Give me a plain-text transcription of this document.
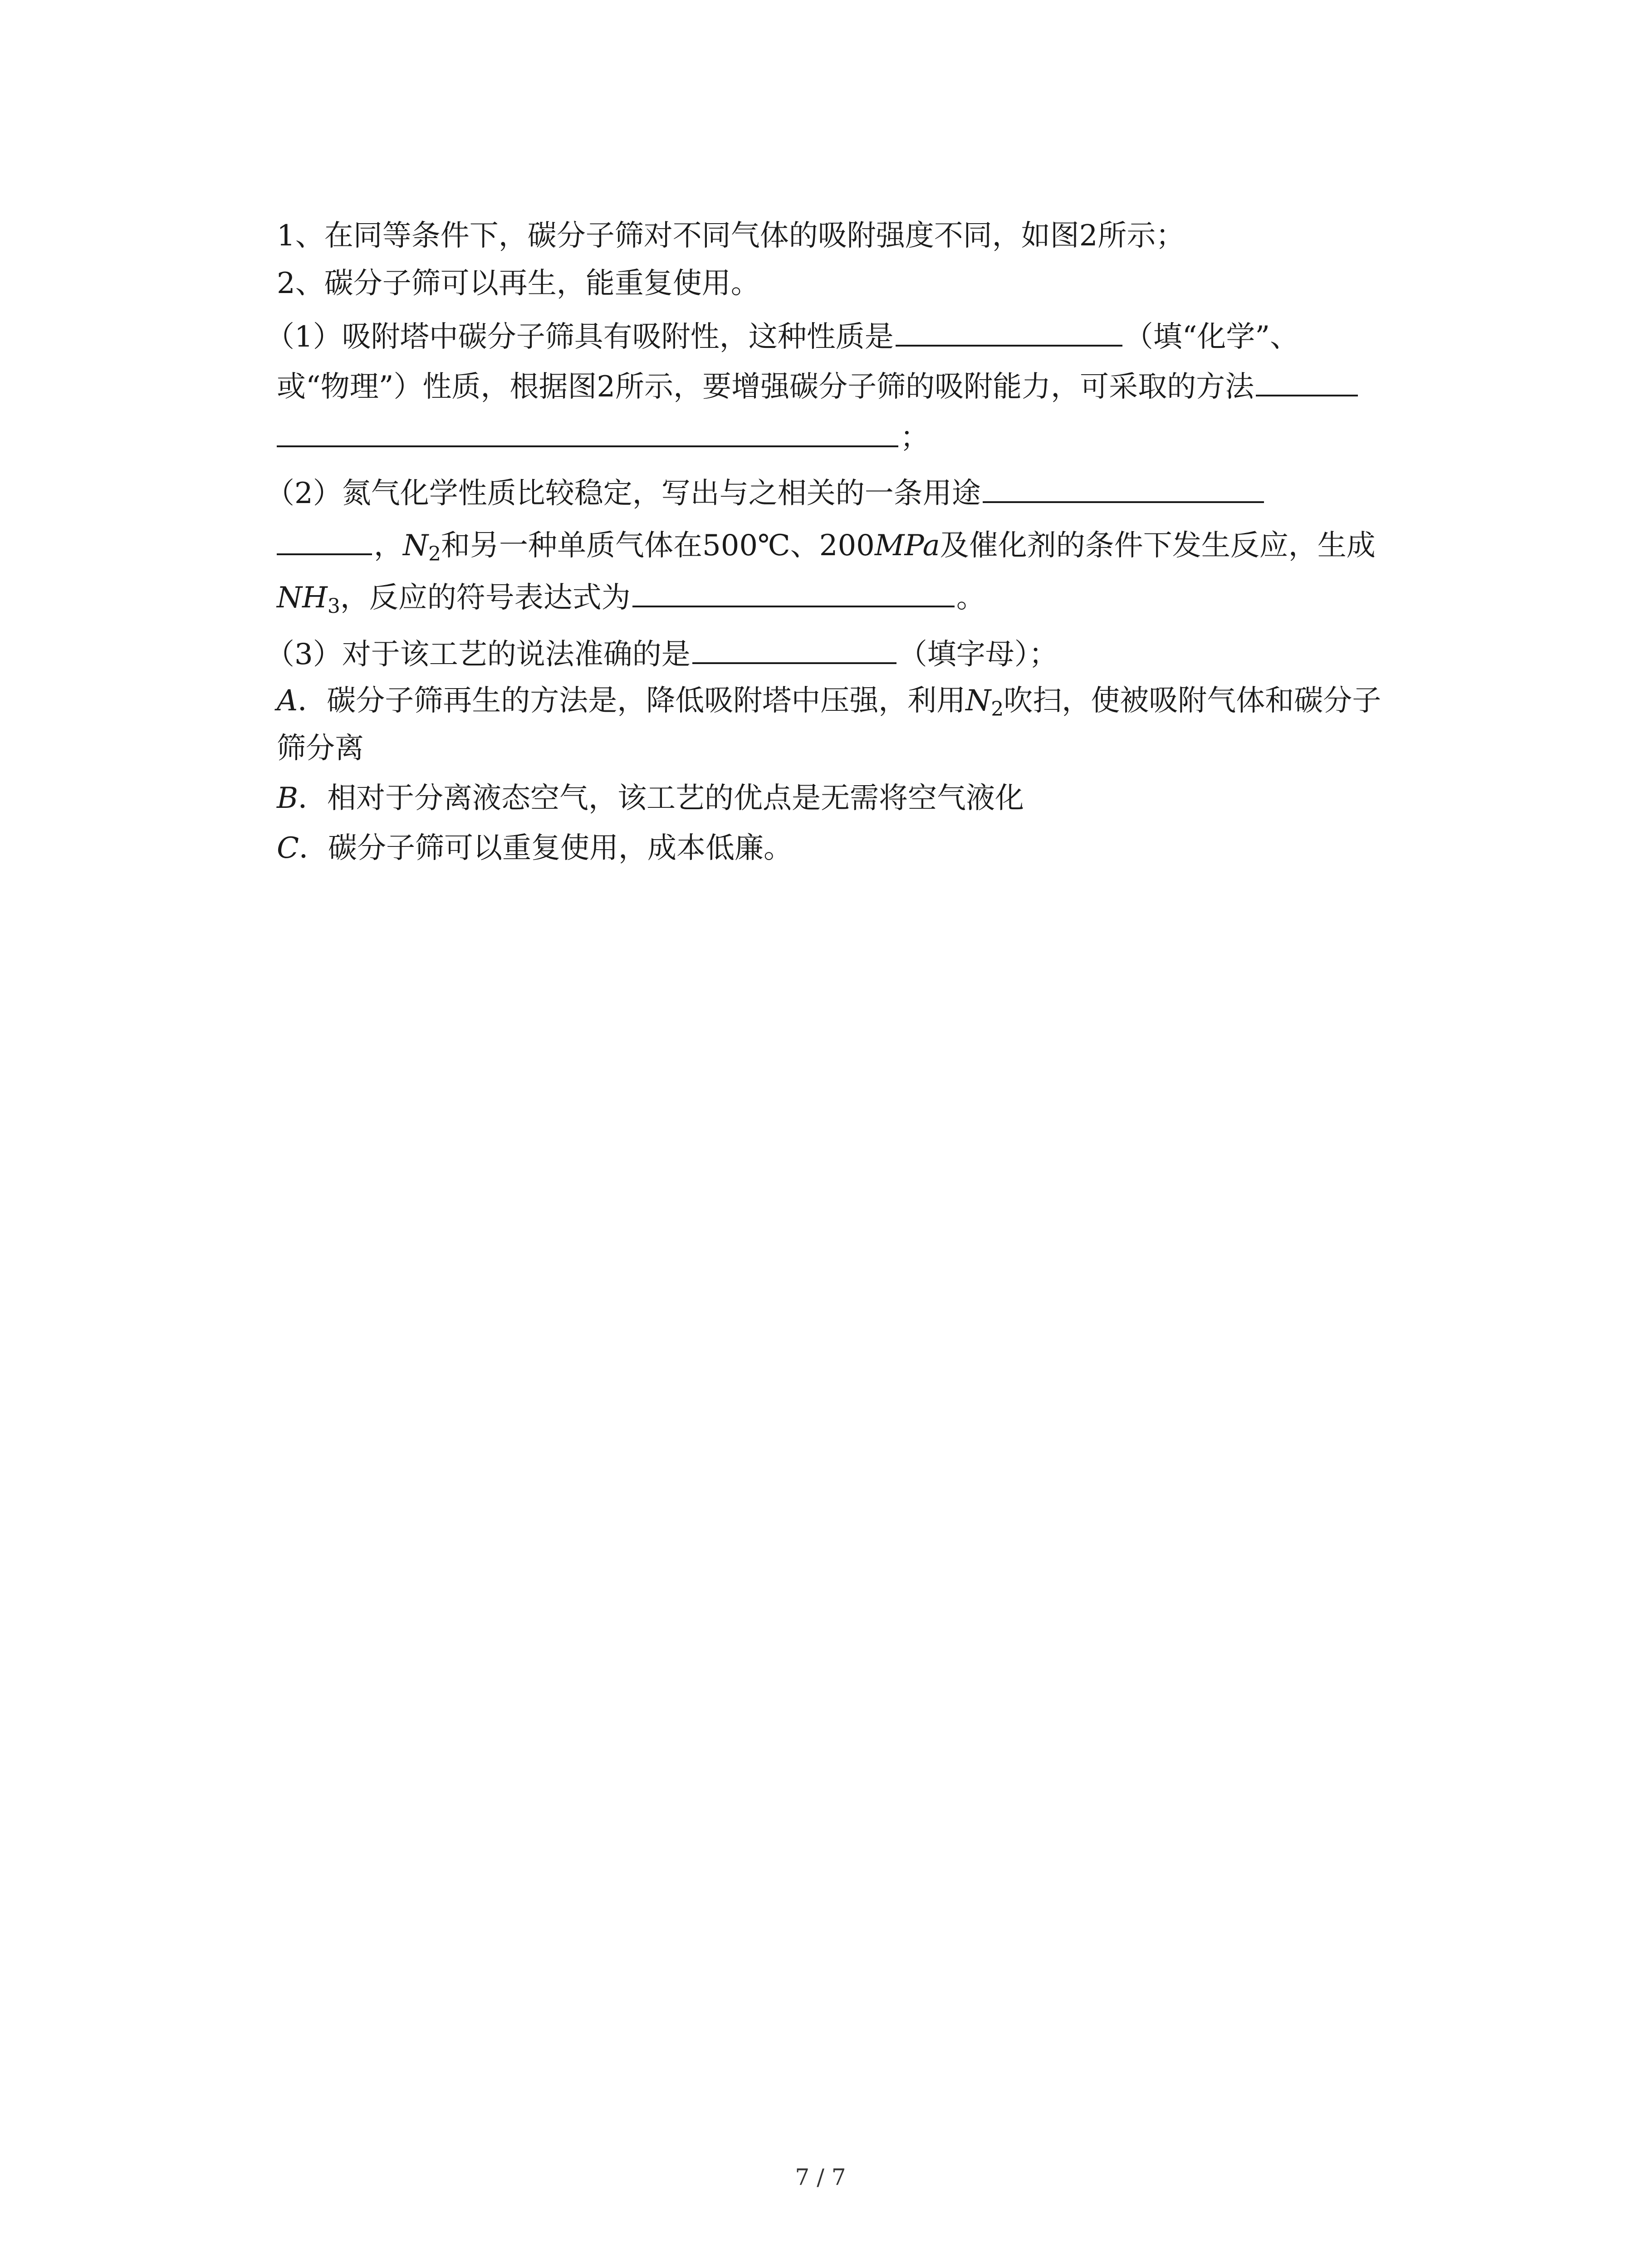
1、在同等条件下，碳分子筛对不同气体的吸附强度不同，如图2所示；
2、碳分子筛可以再生，能重复使用。
（1）吸附塔中碳分子筛具有吸附性，这种性质是	（填“化学”、
或“物理”）性质，根据图2所示，要增强碳分子筛的吸附能力，可采取的方法
；
（2）氮气化学性质比较稳定，写出与之相关的一条用途
，$N_2$和另一种单质气体在500℃、200MPa及催化剂的条件下发生反应，生成
$NH_3$，反应的符号表达式为	。
（3）对于该工艺的说法准确的是	（填字母）；
A．碳分子筛再生的方法是，降低吸附塔中压强，利用$N_2$吹扫，使被吸附气体和碳分子
筛分离
B．相对于分离液态空气，该工艺的优点是无需将空气液化
C．碳分子筛可以重复使用，成本低廉。
7 / 7
